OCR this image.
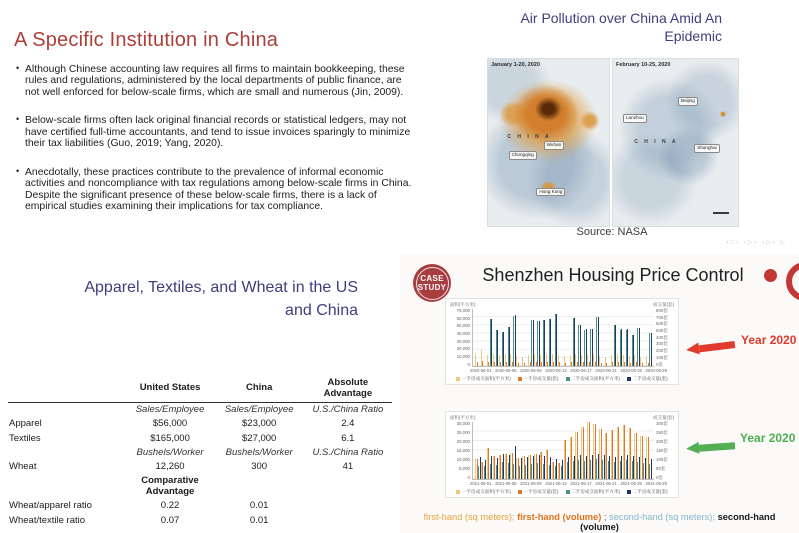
A Specific Institution in China
• Although Chinese accounting law requires all firms to maintain bookkeeping, these rules and regulations, administered by the local departments of public finance, are not well enforced for below-scale firms, which are small and numerous (Jin, 2009).
• Below-scale firms often lack original financial records or statistical ledgers, may not have certified full-time accountants, and tend to issue invoices sparingly to minimize their tax liabilities (Guo, 2019; Yang, 2020).
• Anecdotally, these practices contribute to the prevalence of informal economic activities and noncompliance with tax regulations among below-scale firms in China. Despite the significant presence of these below-scale firms, there is a lack of empirical studies examining their implications for tax compliance.
Air Pollution over China Amid An
Epidemic
January 1-20, 2020
C H I N A
Chongqing
Wuhan
Hong Kong
February 10-25, 2020
Lanzhou
Beijing
C H I N A
Shanghai
Source: NASA
‹□› ‹▷› ‹▷› ▷
Apparel, Textiles, and Wheat in the US
and China
	United States	China	Absolute Advantage
	Sales/Employee	Sales/Employee	U.S./China Ratio
Apparel	$56,000	$23,000	2.4
Textiles	$165,000	$27,000	6.1
	Bushels/Worker	Bushels/Worker	U.S./China Ratio
Wheat	12,260	300	41
	Comparative Advantage		
Wheat/apparel ratio	0.22	0.01	
Wheat/textile ratio	0.07	0.01	
CASE
STUDY
Shenzhen Housing Price Control
面积(平方米)	成交量(套)
70,000
60,000
50,000
40,000
30,000
20,000
10,000
0
800套
700套
600套
500套
400套
300套
200套
100套
0套
2020-06-01 2020-06-05 2020-06-09 2020-06-13 2020-06-17 2020-06-21 2020-06-25 2020-06-29
一手房成交面积(平方米)	一手房成交量(套)	二手房成交面积(平方米)	二手房成交量(套)
面积(平方米)	成交量(套)
30,000
25,000
20,000
15,000
10,000
5,000
0
300套
250套
200套
150套
100套
50套
0套
2021-06-01 2021-06-05 2021-06-09 2021-06-13 2021-06-17 2021-06-21 2021-06-25 2021-06-29
一手房成交面积(平方米)	一手房成交量(套)	二手房成交面积(平方米)	二手房成交量(套)
Year 2020
Year 2020
first-hand (sq meters); first-hand (volume) ; second-hand (sq meters); second-hand (volume)
